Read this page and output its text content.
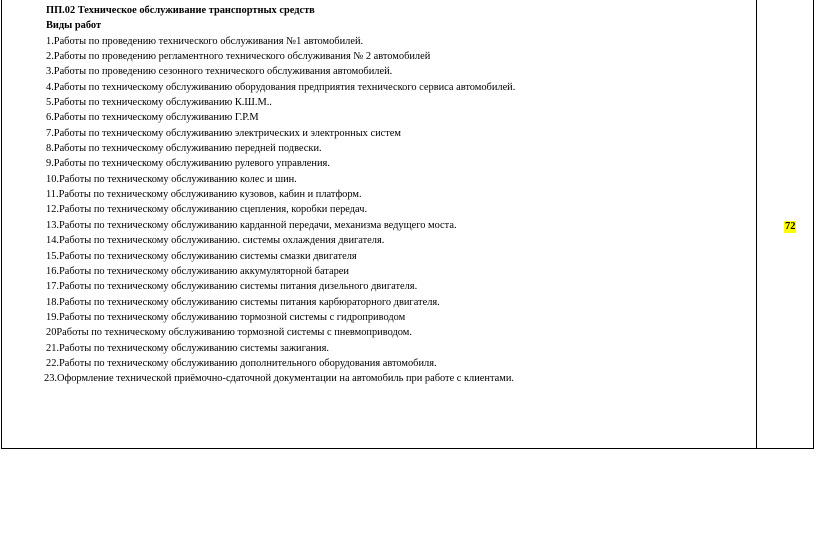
ПП.02 Техническое обслуживание транспортных средств
Виды работ
1.Работы по проведению технического обслуживания №1 автомобилей.
2.Работы по проведению регламентного технического обслуживания № 2 автомобилей
3.Работы по проведению сезонного технического обслуживания автомобилей.
4.Работы по техническому обслуживанию оборудования предприятия технического сервиса автомобилей.
5.Работы по техническому обслуживанию К.Ш.М..
6.Работы по техническому обслуживанию Г.Р.М
7.Работы по техническому обслуживанию электрических и электронных систем
8.Работы по техническому обслуживанию передней подвески.
9.Работы по техническому обслуживанию рулевого управления.
10.Работы по техническому обслуживанию колес и шин.
11.Работы по техническому обслуживанию кузовов, кабин и платформ.
12.Работы по техническому обслуживанию сцепления, коробки передач.
13.Работы по техническому обслуживанию карданной передачи, механизма ведущего моста.
14.Работы по техническому обслуживанию. системы охлаждения двигателя.
15.Работы по техническому обслуживанию системы смазки двигателя
16.Работы по техническому обслуживанию аккумуляторной батареи
17.Работы по техническому обслуживанию системы питания дизельного двигателя.
18.Работы по техническому обслуживанию системы питания карбюраторного двигателя.
19.Работы по техническому обслуживанию тормозной системы с гидроприводом
20Работы по техническому обслуживанию тормозной системы с пневмоприводом.
21.Работы по техническому обслуживанию системы зажигания.
22.Работы по техническому обслуживанию дополнительного оборудования автомобиля.
23.Оформление технической приёмочно-сдаточной документации на автомобиль при работе с клиентами.
72
